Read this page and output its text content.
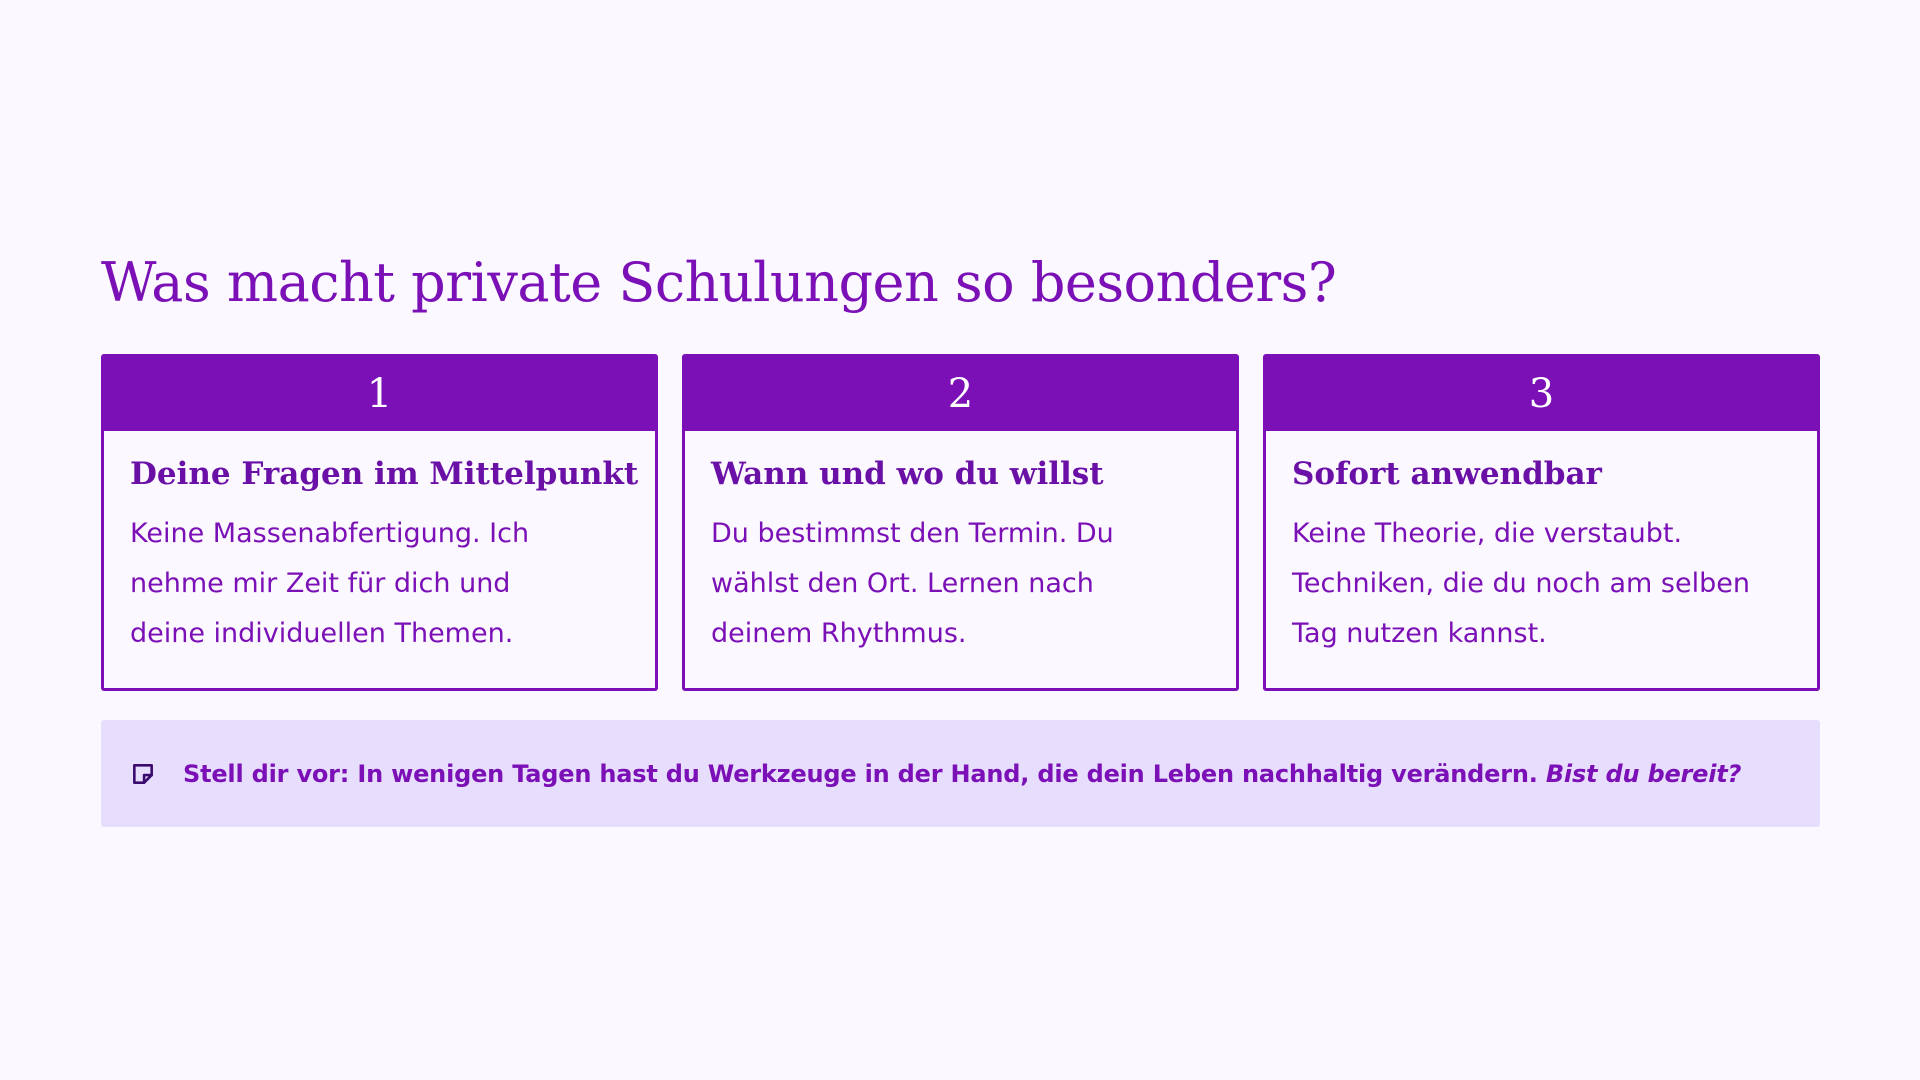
Was macht private Schulungen so besonders?
1
Deine Fragen im Mittelpunkt

Keine Massenabfertigung. Ich
nehme mir Zeit für dich und
deine individuellen Themen.

2
Wann und wo du willst

Du bestimmst den Termin. Du
wählst den Ort. Lernen nach
deinem Rhythmus.

3
Sofort anwendbar

Keine Theorie, die verstaubt.
Techniken, die du noch am selben
Tag nutzen kannst.

Stell dir vor: In wenigen Tagen hast du Werkzeuge in der Hand, die dein Leben nachhaltig verändern. Bist du bereit?
